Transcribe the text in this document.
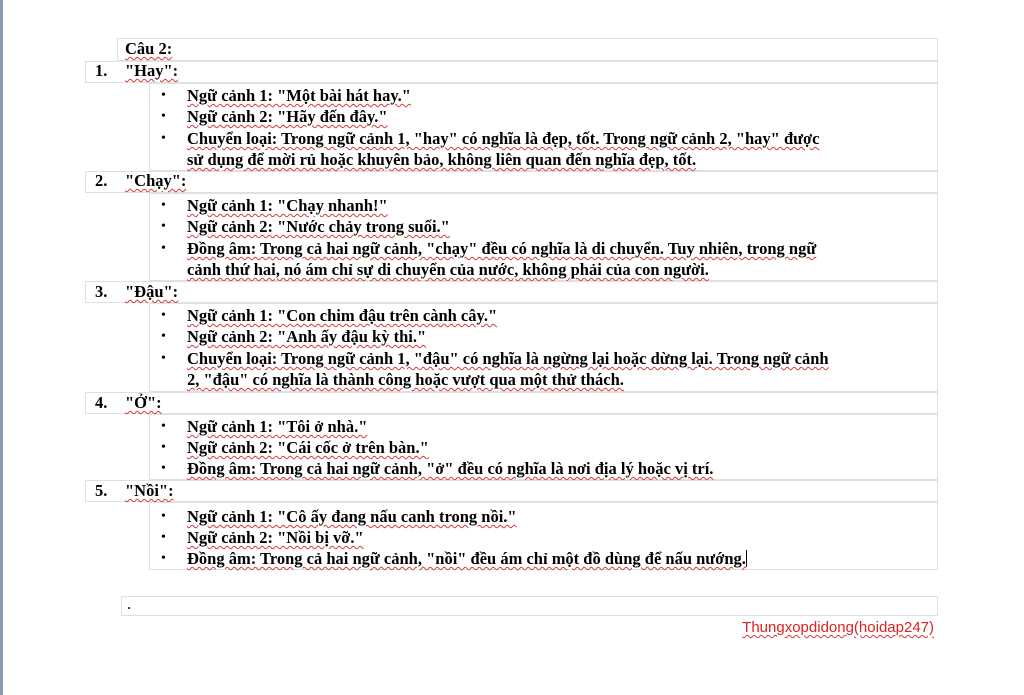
Câu 2:
1. "Hay":
• Ngữ cảnh 1: "Một bài hát hay."
• Ngữ cảnh 2: "Hãy đến đây."
• Chuyển loại: Trong ngữ cảnh 1, "hay" có nghĩa là đẹp, tốt. Trong ngữ cảnh 2, "hay" được
sử dụng để mời rủ hoặc khuyên bảo, không liên quan đến nghĩa đẹp, tốt.
2. "Chạy":
• Ngữ cảnh 1: "Chạy nhanh!"
• Ngữ cảnh 2: "Nước chảy trong suối."
• Đồng âm: Trong cả hai ngữ cảnh, "chạy" đều có nghĩa là di chuyển. Tuy nhiên, trong ngữ
cảnh thứ hai, nó ám chỉ sự di chuyển của nước, không phải của con người.
3. "Đậu":
• Ngữ cảnh 1: "Con chim đậu trên cành cây."
• Ngữ cảnh 2: "Anh ấy đậu kỳ thi."
• Chuyển loại: Trong ngữ cảnh 1, "đậu" có nghĩa là ngừng lại hoặc dừng lại. Trong ngữ cảnh
2, "đậu" có nghĩa là thành công hoặc vượt qua một thử thách.
4. "Ở":
• Ngữ cảnh 1: "Tôi ở nhà."
• Ngữ cảnh 2: "Cái cốc ở trên bàn."
• Đồng âm: Trong cả hai ngữ cảnh, "ở" đều có nghĩa là nơi địa lý hoặc vị trí.
5. "Nồi":
• Ngữ cảnh 1: "Cô ấy đang nấu canh trong nồi."
• Ngữ cảnh 2: "Nồi bị vỡ."
• Đồng âm: Trong cả hai ngữ cảnh, "nồi" đều ám chỉ một đồ dùng để nấu nướng.
.
Thungxopdidong(hoidap247)
